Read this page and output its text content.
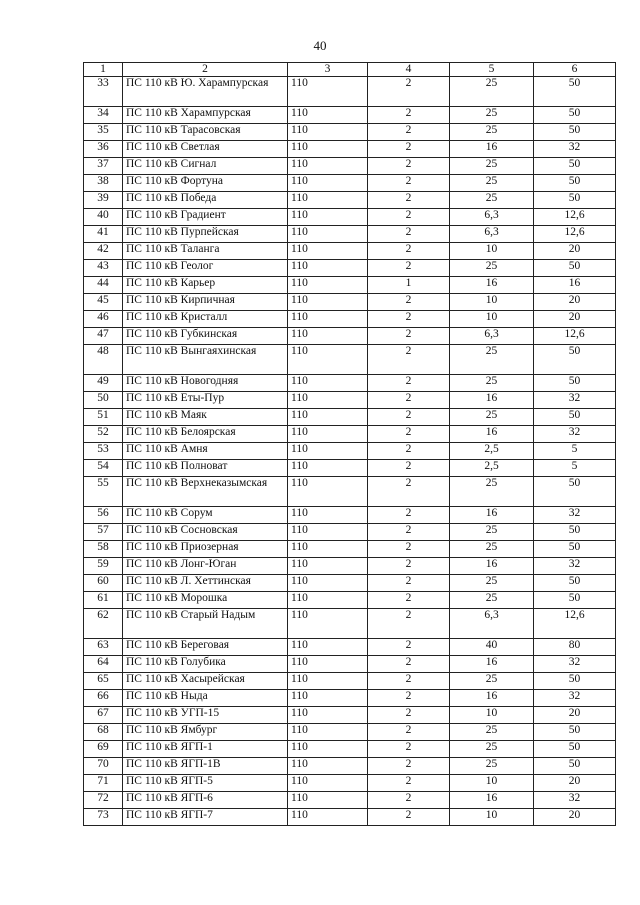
40
1	2	3	4	5	6
33	ПС 110 кВ Ю. Харампурская	110	2	25	50
34	ПС 110 кВ Харампурская	110	2	25	50
35	ПС 110 кВ Тарасовская	110	2	25	50
36	ПС 110 кВ Светлая	110	2	16	32
37	ПС 110 кВ Сигнал	110	2	25	50
38	ПС 110 кВ Фортуна	110	2	25	50
39	ПС 110 кВ Победа	110	2	25	50
40	ПС 110 кВ Градиент	110	2	6,3	12,6
41	ПС 110 кВ Пурпейская	110	2	6,3	12,6
42	ПС 110 кВ Таланга	110	2	10	20
43	ПС 110 кВ Геолог	110	2	25	50
44	ПС 110 кВ Карьер	110	1	16	16
45	ПС 110 кВ Кирпичная	110	2	10	20
46	ПС 110 кВ Кристалл	110	2	10	20
47	ПС 110 кВ Губкинская	110	2	6,3	12,6
48	ПС 110 кВ Вынгаяхинская	110	2	25	50
49	ПС 110 кВ Новогодняя	110	2	25	50
50	ПС 110 кВ Еты-Пур	110	2	16	32
51	ПС 110 кВ Маяк	110	2	25	50
52	ПС 110 кВ Белоярская	110	2	16	32
53	ПС 110 кВ Амня	110	2	2,5	5
54	ПС 110 кВ Полноват	110	2	2,5	5
55	ПС 110 кВ Верхнеказымская	110	2	25	50
56	ПС 110 кВ Сорум	110	2	16	32
57	ПС 110 кВ Сосновская	110	2	25	50
58	ПС 110 кВ Приозерная	110	2	25	50
59	ПС 110 кВ Лонг-Юган	110	2	16	32
60	ПС 110 кВ Л. Хеттинская	110	2	25	50
61	ПС 110 кВ Морошка	110	2	25	50
62	ПС 110 кВ Старый Надым	110	2	6,3	12,6
63	ПС 110 кВ Береговая	110	2	40	80
64	ПС 110 кВ Голубика	110	2	16	32
65	ПС 110 кВ Хасырейская	110	2	25	50
66	ПС 110 кВ Ныда	110	2	16	32
67	ПС 110 кВ УГП-15	110	2	10	20
68	ПС 110 кВ Ямбург	110	2	25	50
69	ПС 110 кВ ЯГП-1	110	2	25	50
70	ПС 110 кВ ЯГП-1В	110	2	25	50
71	ПС 110 кВ ЯГП-5	110	2	10	20
72	ПС 110 кВ ЯГП-6	110	2	16	32
73	ПС 110 кВ ЯГП-7	110	2	10	20
